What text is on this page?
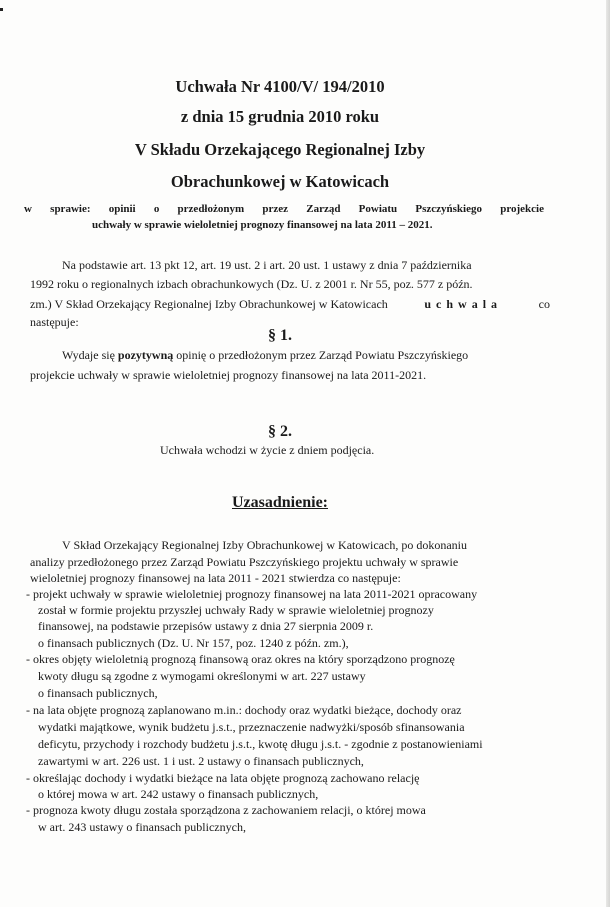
Uchwała Nr 4100/V/ 194/2010
z dnia 15 grudnia 2010 roku
V Składu Orzekającego Regionalnej Izby
Obrachunkowej w Katowicach
w sprawie: opinii o przedłożonym przez Zarząd Powiatu Pszczyńskiego projekcie
uchwały w sprawie wieloletniej prognozy finansowej na lata 2011 – 2021.
Na podstawie art. 13 pkt 12, art. 19 ust. 2 i art. 20 ust. 1 ustawy z dnia 7 października
1992 roku o regionalnych izbach obrachunkowych (Dz. U. z 2001 r. Nr 55, poz. 577 z późn.
zm.) V Skład Orzekający Regionalnej Izby Obrachunkowej w Katowicach	uchwala	co
następuje:
§ 1.
Wydaje się pozytywną opinię o przedłożonym przez Zarząd Powiatu Pszczyńskiego
projekcie uchwały w sprawie wieloletniej prognozy finansowej na lata 2011-2021.
§ 2.
Uchwała wchodzi w życie z dniem podjęcia.
Uzasadnienie:
V Skład Orzekający Regionalnej Izby Obrachunkowej w Katowicach, po dokonaniu
analizy przedłożonego przez Zarząd Powiatu Pszczyńskiego projektu uchwały w sprawie
wieloletniej prognozy finansowej na lata 2011 - 2021 stwierdza co następuje:
- projekt uchwały w sprawie wieloletniej prognozy finansowej na lata 2011-2021 opracowany
został w formie projektu przyszłej uchwały Rady w sprawie wieloletniej prognozy
finansowej, na podstawie przepisów ustawy z dnia 27 sierpnia 2009 r.
o finansach publicznych (Dz. U. Nr 157, poz. 1240 z późn. zm.),
- okres objęty wieloletnią prognozą finansową oraz okres na który sporządzono prognozę
kwoty długu są zgodne z wymogami określonymi w art. 227 ustawy
o finansach publicznych,
- na lata objęte prognozą zaplanowano m.in.: dochody oraz wydatki bieżące, dochody oraz
wydatki majątkowe, wynik budżetu j.s.t., przeznaczenie nadwyżki/sposób sfinansowania
deficytu, przychody i rozchody budżetu j.s.t., kwotę długu j.s.t. - zgodnie z postanowieniami
zawartymi w art. 226 ust. 1 i ust. 2 ustawy o finansach publicznych,
- określając dochody i wydatki bieżące na lata objęte prognozą zachowano relację
o której mowa w art. 242 ustawy o finansach publicznych,
- prognoza kwoty długu została sporządzona z zachowaniem relacji, o której mowa
w art. 243 ustawy o finansach publicznych,
